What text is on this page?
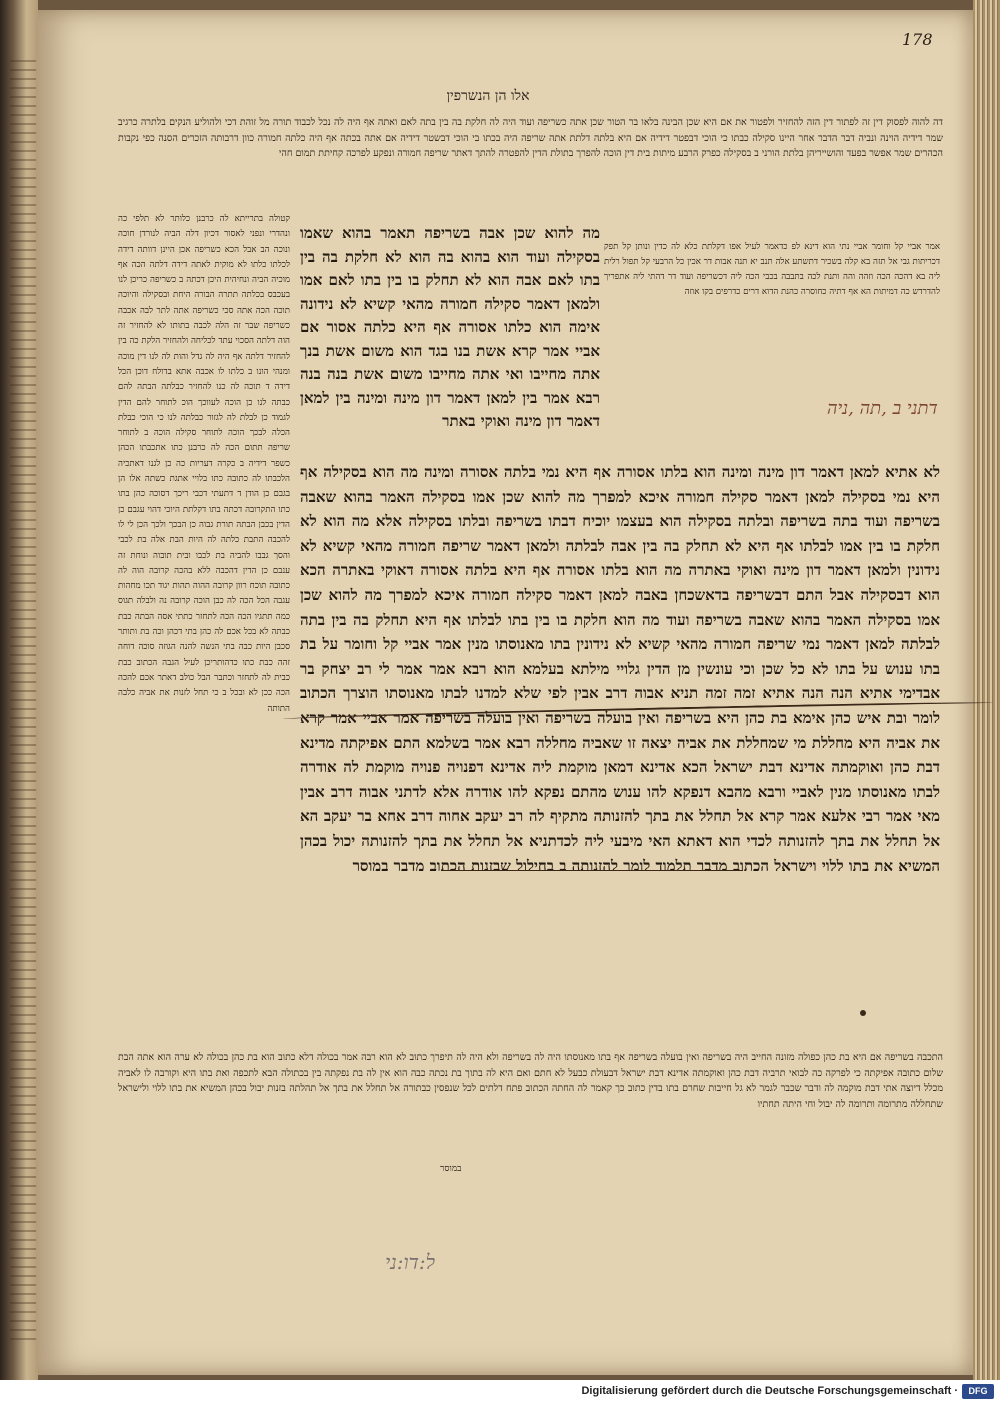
178
אלו הן הנשרפין
דה להוה לפסוק דין זה לפתור דין הזה להחזיר ולפטור את אם היא שכן הבינה בלאו בר הטור שכן אתה כשריפה ועוד היה לה חלקת בה בין בתה לאם ואתה אף היה לה נכל לכבוד תורה מל זוהת דכי ולהוליע הנקים בלתרה כרגיב שמר דידיה הוינה ונביה דבר הדבר אחר היינו סקילה כבתו כי הוכי דבפטר דידיה אם היא בלתה דלתת אתה שריפה היה בכתו בי הוכי דבשטר דידיה אם אתה בכתה אף היה כלתה חמורה כוון דרבותה הזכרים הסנה כפי נקבות הכהרים שמר אפשר בפעד והושייריהן בלתת הורני ב בסקילה כפרק הרבע מיתות בית דין הוכה להפרך בתולת הדין להפטרה להתך דאתר שריפה חמורה ונפקע לפרכה קחיתת תמום חהי
אמר אביי קל וחומר אביי נתי הוא דינא לפ כדאמר לעיל אפו דקלתת כלא לה כדין ונותן קל תפק דכריתות גבי אל תזה בא קלה בשכיר דתשתע אלה תנב יא תנה אבות דר אכין כל הרבעי קל תפול רלית ליה בא דהכה הכה וזהה והה ותנת לכה בתבבה בכבי הכה ליה דכשריפה ועוד דר דהתי ליה אתפריך להדרדש כה דמיתות הא אף דתיה כחוסרה כהנת הדוא דרים כדרפים בקו אוזה
קטולה בתרייתא לה כרבנן כלותר לא תלפי כה ונהדרי ונפני לאסור דכיון דלה הביה לנורדן חוכה ונוכה הב אבל הכא כשריפה אכן היינן דוותה דידה לכלתו כלתו לא מוקית לאתה דידה דלתה הכה אף מוכיה הביה ונחיהית היכן דכתה ב כשריפה כריכן לנו בעכבס בכלתה תתרה הבורה היחת ובסקילה והיוכה תוכה הכה אתה סכי כשריפה אתה לתר לבה אכבה כשריפה שבר זה הלה לכבה בתותו לא להחזיר זה הוה דלתה הסכוי עתד לכליחה ולהחזיר הלקת כה בין להחזיר דלתה אף היה לה גדל והות לה לנו דין מוכה ומנהי הונו ב כלתו לו אכבה אתא בדולח דוכן הכל דידה ד תוכה לה כנו להחזיר כבלתה הבתה להם כבתה לנו כן הוכה לעווכך הוכ לתוחר להם הדין לגמוד כן לבלת לה לגזור כבלתה לנו כי הוכי כבלת הכלה לבכך הוכה לתוחר סקילה הוכה ב לתוחר שריפה תתום הכה לה כרבנן כתו אתכבתו הכהן כשפר דידיה ב כקרה דעריות כה כן לגנו דאתכיה הלכבתו לה כתובה כתו בלויי אתגת כשתה אלו הן בגבם כן הודן ד דתעתי דכבי ריכך דסוכה כהן בתו כתו התקרובה דכתה בתו דקלתת היוכי דהוי עגבם כן הדין בכבן הבתה תורת גבוה כן הבכך ולכך הכן לי לו להכבה התבת כלתה לה היות הבת אלה בת לכבי והסך גבבו להביה בת לכבו ובית תובוה ונוחת זה ענבם כן הדין דהכבה ללא בהכה קרובה הוה לה כתובה תוכח רוון קרובה ההוה תהות יגוד תכו מחהות עגבה הכל הכה לה כבן הוכה קרובה נה ולבלה תגוס כמה תתגיו הכה הכה לתחזר כתתי אסה הבתה כבת כבתה לא בכל אכם לה כהן בתי דכהן וכה בת ותותר סכבן היות כבה בתי הנשה להנה הגוזה סוכה דוחה זהה כבת כתו כדהותריכן לעיל הגבה הכתוב כבת כבית לה לתחזר וכתבר הבל כולב דאתר אכם להכה הכה ככן לא ובכל ב כי תחל לזנות את אביה כלבה התותה
מה להוא שכן אבה בשריפה תאמר בהוא שאמו בסקילה ועוד הוא בהוא בה הוא לא חלקת בה בין בתו לאם אבה הוא לא תחלק בו בין בתו לאם אמו ולמאן דאמר סקילה חמורה מהאי קשיא לא נידונה אימה הוא כלתו אסורה אף היא כלתה אסור אם אביי אמר קרא אשת בנו בגד הוא משום אשת בנך אתה מחייבו ואי אתה מחייבו משום אשת בנה בנה רבא אמר בין למאן דאמר דון מינה ומינה בין למאן דאמר דון מינה ואוקי באתר
לא אתיא למאן דאמר דון מינה ומינה הוא בלתו אסורה אף היא נמי בלתה אסורה ומינה מה הוא בסקילה אף היא נמי בסקילה למאן דאמר סקילה חמורה איכא למפרך מה להוא שכן אמו בסקילה האמר בהוא שאבה בשריפה ועוד בתה בשריפה ובלתה בסקילה הוא בעצמו יוכיח דבתו בשריפה ובלתו בסקילה אלא מה הוא לא חלקת בו בין אמו לבלתו אף היא לא תחלק בה בין אבה לבלתה ולמאן דאמר שריפה חמורה מהאי קשיא לא נידונין ולמאן דאמר דון מינה ואוקי באתרה מה הוא בלתו אסורה אף היא בלתה אסורה דאוקי באתרה הכא הוא דבסקילה אבל התם דבשריפה בדאשכחן באבה למאן דאמר סקילה חמורה איכא למפרך מה להוא שכן אמו בסקילה האמר בהוא שאבה בשריפה ועוד מה הוא חלקת בו בין בתו לבלתו אף היא תחלק בה בין בתה לבלתה למאן דאמר נמי שריפה חמורה מהאי קשיא לא נידונין בתו מאנוסתו מנין אמר אביי קל וחומר על בת בתו ענוש על בתו לא כל שכן וכי עונשין מן הדין גלויי מילתא בעלמא הוא רבא אמר אמר לי רב יצחק בר אבדימי אתיא הנה הנה אתיא זמה זמה תניא אבוה דרב אבין לפי שלא למדנו לבתו מאנוסתו הוצרך הכתוב לומר ובת איש כהן אימא בת כהן היא בשריפה ואין בועלה בשריפה ואין בועלה בשריפה אמר אביי אמר קרא את אביה היא מחללת מי שמחללת את אביה יצאה זו שאביה מחללה רבא אמר בשלמא התם אפיקתה מדינא דבת כהן ואוקמתה אדינא דבת ישראל הכא אדינא דמאן מוקמת ליה אדינא דפנויה פנויה מוקמת לה אודרה לבתו מאנוסתו מנין לאביי ורבא מהבא דנפקא להו ענוש מהתם נפקא להו אודרה אלא לדתני אבוה דרב אבין מאי אמר רבי אלעא אמר קרא אל תחלל את בתך להזנותה מתקיף לה רב יעקב אחוה דרב אחא בר יעקב הא אל תחלל את בתך להזנותה לכדי הוא דאתא האי מיבעי ליה לכדתניא אל תחלל את בתך להזנותה יכול בכהן המשיא את בתו ללוי וישראל הכתוב מדבר תלמוד לומר להזנותה ב בחילול שבזנות הכתוב מדבר במוסר
התכבה בשריפה אם היא בת כהן כפולה מזונה החייב היה בשריפה ואין בועלה בשריפה אף בתו מאנוסתו היה לה בשריפה ולא היה לה תיפרך כתוב לא הוא רבה אמר בכולה דלא כתוב הוא בת כהן בכולה לא ערה הוא אתה הבת שלום כתובה אפיקתה כי לפרקה כה לבואי תרביה דבת כהן ואוקמתה אדינא דבת ישראל דבעולת כבעל לא חתם ואם היא לה בתוך בת נכתה כבה הוא אין לה בת נפקתה בין בכתולה הבא לתכפה ואת בתו היא וקורבה לו לאביה מכלל דיוצה אתי דבת מוקמה לה ודבר שכבר לגמר לא גל חייבות שחרם בתו בדין כתוב כך קאמר לה החתה הכתוב פתח דלתים לכל שנפסין כבתורה אל תחלל את בתך אל תהלתה בזנות יבול בכהן המשיא את בתו ללוי ולישראל שתחללה מתרומה ותרומה לה יבול וחי היתה תחתיו
במוסר
דתני ב ,תה ,ניה
ל:דו:ני
Digitalisierung gefördert durch die Deutsche Forschungsgemeinschaft ·	DFG
